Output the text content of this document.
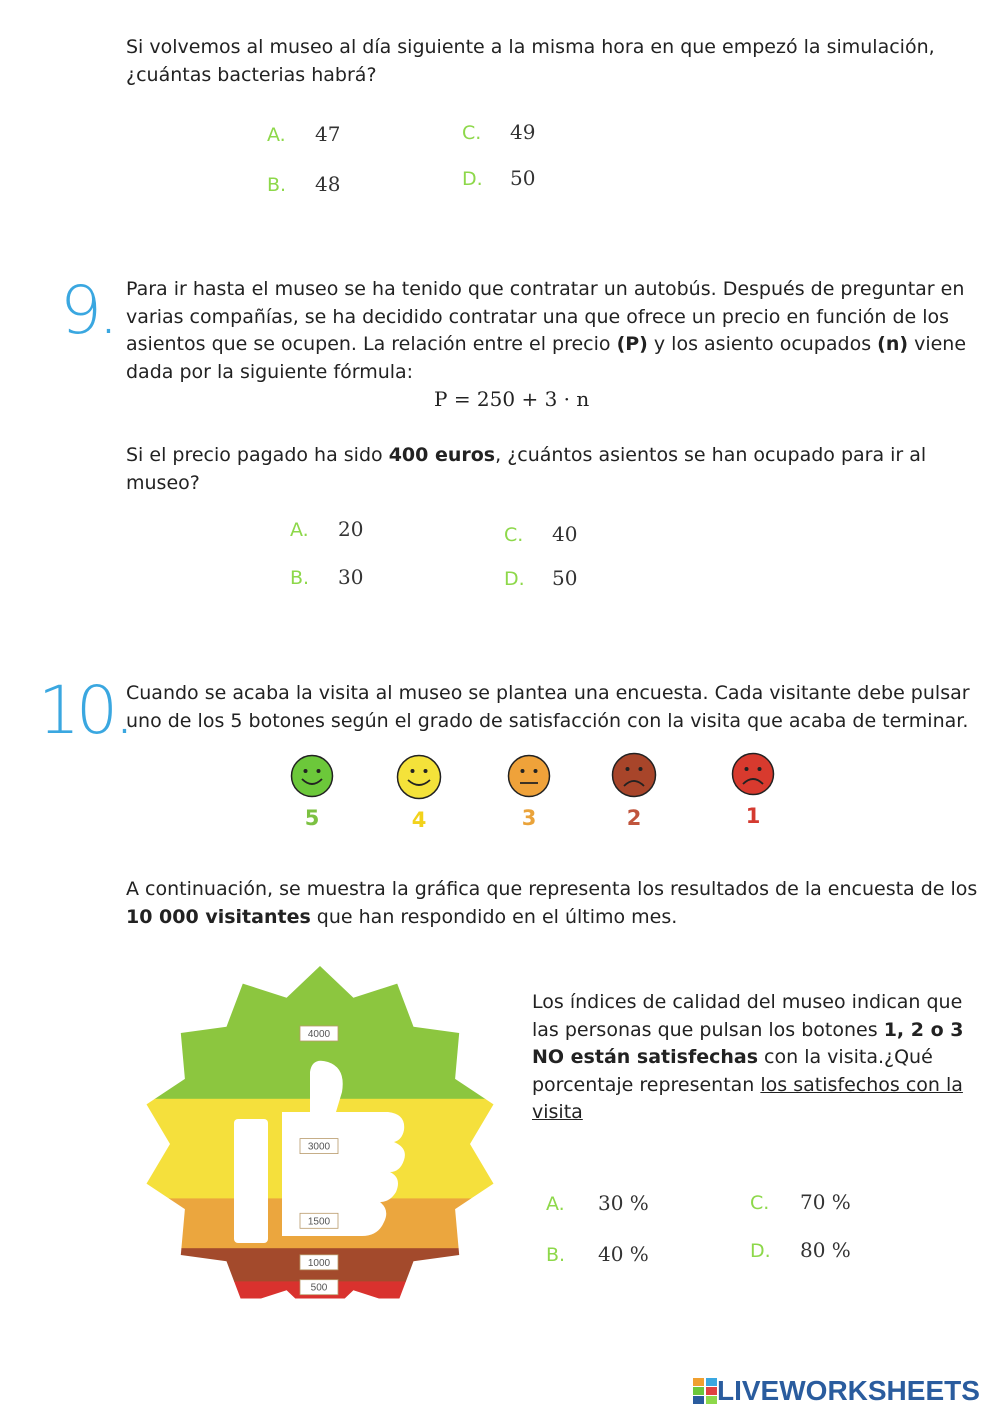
Si volvemos al museo al día siguiente a la misma hora en que empezó la simulación,
¿cuántas bacterias habrá?
A.	47
B.	48
C.	49
D.	50
9. Para ir hasta el museo se ha tenido que contratar un autobús. Después de preguntar en
varias compañías, se ha decidido contratar una que ofrece un precio en función de los
asientos que se ocupen. La relación entre el precio (P) y los asiento ocupados (n) viene
dada por la siguiente fórmula:
P = 250 + 3 · n
Si el precio pagado ha sido 400 euros, ¿cuántos asientos se han ocupado para ir al
museo?
A.	20
B.	30
C.	40
D.	50
10.
Cuando se acaba la visita al museo se plantea una encuesta. Cada visitante debe pulsar
uno de los 5 botones según el grado de satisfacción con la visita que acaba de terminar.
5	4	3	2	1
A continuación, se muestra la gráfica que representa los resultados de la encuesta de los
10 000 visitantes que han respondido en el último mes.
4000
3000
1500
1000
500
Los índices de calidad del museo indican que
las personas que pulsan los botones 1, 2 o 3
NO están satisfechas con la visita.¿Qué
porcentaje representan los satisfechos con la
visita
A.	30 %
B.	40 %
C.	70 %
D.	80 %
LIVEWORKSHEETS
